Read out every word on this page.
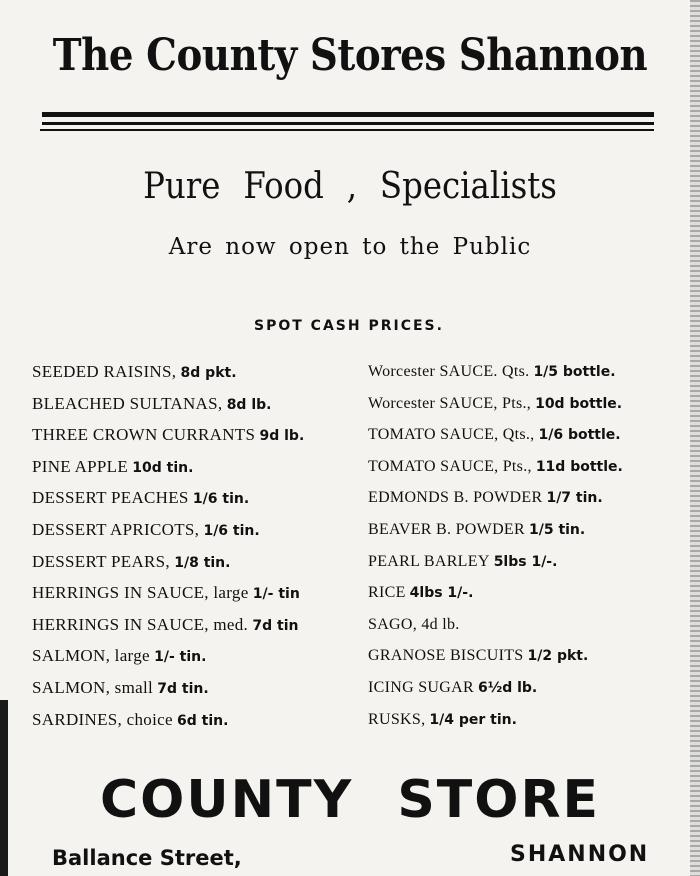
The County Stores Shannon
Pure Food , Specialists
Are now open to the Public
SPOT CASH PRICES.
SEEDED RAISINS, 8d pkt.
BLEACHED SULTANAS, 8d lb.
THREE CROWN CURRANTS 9d lb.
PINE APPLE 10d tin.
DESSERT PEACHES 1/6 tin.
DESSERT APRICOTS, 1/6 tin.
DESSERT PEARS, 1/8 tin.
HERRINGS IN SAUCE, large 1/- tin
HERRINGS IN SAUCE, med. 7d tin
SALMON, large 1/- tin.
SALMON, small 7d tin.
SARDINES, choice 6d tin.
Worcester SAUCE. Qts. 1/5 bottle.
Worcester SAUCE, Pts., 10d bottle.
TOMATO SAUCE, Qts., 1/6 bottle.
TOMATO SAUCE, Pts., 11d bottle.
EDMONDS B. POWDER 1/7 tin.
BEAVER B. POWDER 1/5 tin.
PEARL BARLEY 5lbs 1/-.
RICE 4lbs 1/-.
SAGO, 4d lb.
GRANOSE BISCUITS 1/2 pkt.
ICING SUGAR 6½d lb.
RUSKS, 1/4 per tin.
COUNTY STORE
Ballance Street,	SHANNON
